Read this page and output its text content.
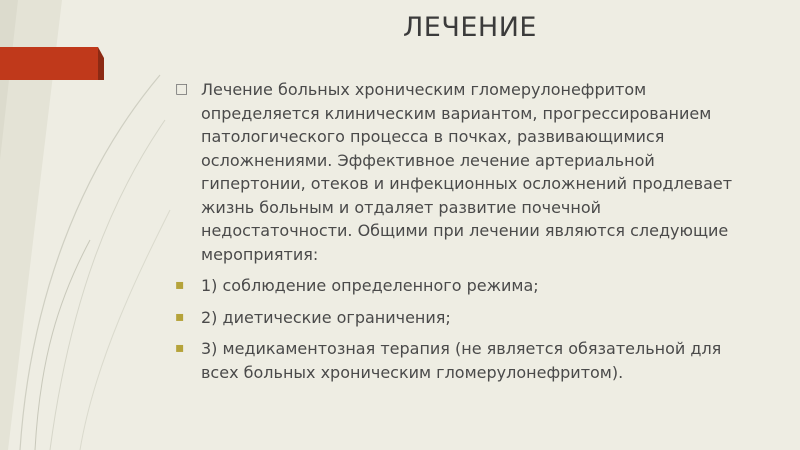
ЛЕЧЕНИЕ
□ Лечение больных хроническим гломерулонефритом определяется клиническим вариантом, прогрессированием патологического процесса в почках, развивающимися осложнениями. Эффективное лечение артериальной гипертонии, отеков и инфекционных осложнений продлевает жизнь больным и отдаляет развитие почечной недостаточности. Общими при лечении являются следующие мероприятия:
▪ 1) соблюдение определенного режима;
▪ 2) диетические ограничения;
▪ 3) медикаментозная терапия (не является обязательной для всех больных хроническим гломерулонефритом).
